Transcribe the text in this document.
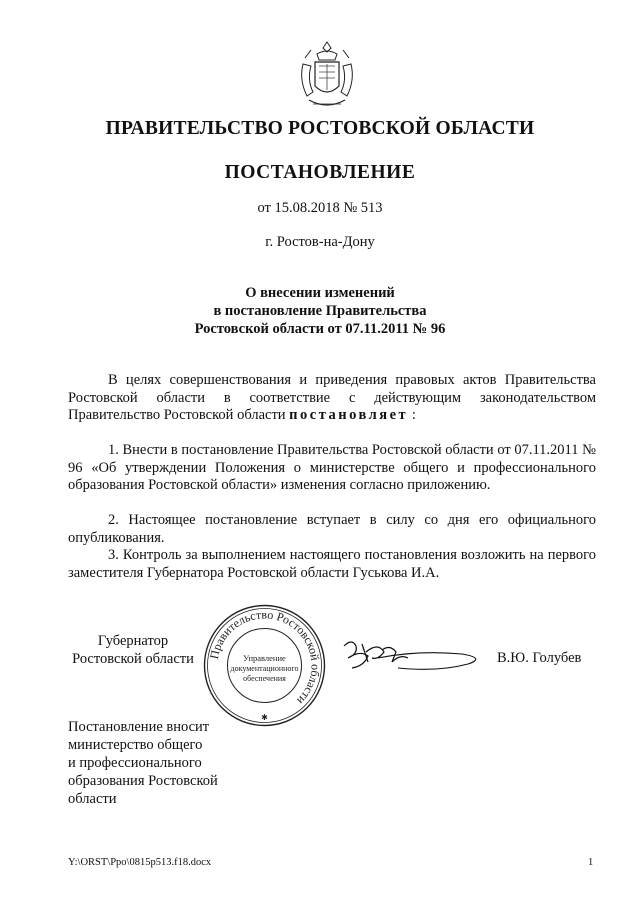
ПРАВИТЕЛЬСТВО РОСТОВСКОЙ ОБЛАСТИ
ПОСТАНОВЛЕНИЕ
от 15.08.2018 № 513
г. Ростов-на-Дону
О внесении изменений
в постановление Правительства
Ростовской области от 07.11.2011 № 96
В целях совершенствования и приведения правовых актов Правительства Ростовской области в соответствие с действующим законодательством Правительство Ростовской области постановляет :
1. Внести в постановление Правительства Ростовской области от 07.11.2011 № 96 «Об утверждении Положения о министерстве общего и профессионального образования Ростовской области» изменения согласно приложению.
2. Настоящее постановление вступает в силу со дня его официального опубликования.
3. Контроль за выполнением настоящего постановления возложить на первого заместителя Губернатора Ростовской области Гуськова И.А.
Губернатор
Ростовской области	Правительство Ростовской области
Управление
документационного
обеспечения
✱
В.Ю. Голубев
Постановление вносит
министерство общего
и профессионального
образования Ростовской
области
Y:\ORST\Ppo\0815p513.f18.docx	1
